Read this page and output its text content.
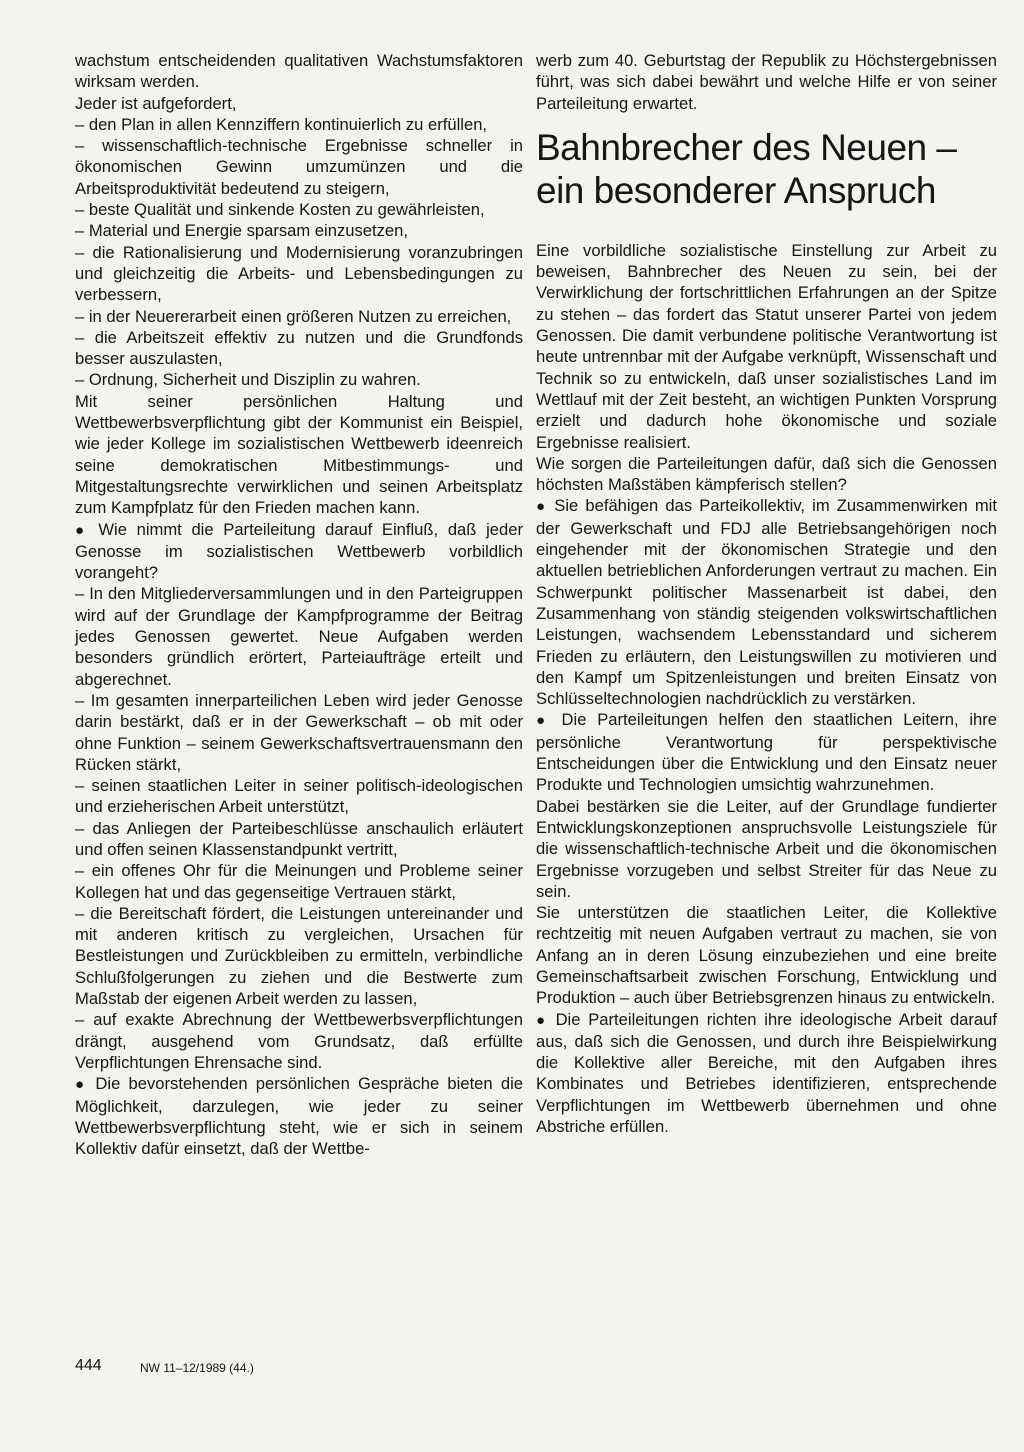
wachstum entscheidenden qualitativen Wachstumsfaktoren wirksam werden.

Jeder ist aufgefordert,

– den Plan in allen Kennziffern kontinuierlich zu erfüllen,

– wissenschaftlich-technische Ergebnisse schneller in ökonomischen Gewinn umzumünzen und die Arbeitsproduktivität bedeutend zu steigern,

– beste Qualität und sinkende Kosten zu gewährleisten,

– Material und Energie sparsam einzusetzen,

– die Rationalisierung und Modernisierung voranzubringen und gleichzeitig die Arbeits- und Lebensbedingungen zu verbessern,

– in der Neuererarbeit einen größeren Nutzen zu erreichen,

– die Arbeitszeit effektiv zu nutzen und die Grundfonds besser auszulasten,

– Ordnung, Sicherheit und Disziplin zu wahren.

Mit seiner persönlichen Haltung und Wettbewerbsverpflichtung gibt der Kommunist ein Beispiel, wie jeder Kollege im sozialistischen Wettbewerb ideenreich seine demokratischen Mitbestimmungs- und Mitgestaltungsrechte verwirklichen und seinen Arbeitsplatz zum Kampfplatz für den Frieden machen kann.

● Wie nimmt die Parteileitung darauf Einfluß, daß jeder Genosse im sozialistischen Wettbewerb vorbildlich vorangeht?

– In den Mitgliederversammlungen und in den Parteigruppen wird auf der Grundlage der Kampfprogramme der Beitrag jedes Genossen gewertet. Neue Aufgaben werden besonders gründlich erörtert, Parteiaufträge erteilt und abgerechnet.

– Im gesamten innerparteilichen Leben wird jeder Genosse darin bestärkt, daß er in der Gewerkschaft – ob mit oder ohne Funktion – seinem Gewerkschaftsvertrauensmann den Rücken stärkt,

– seinen staatlichen Leiter in seiner politisch-ideologischen und erzieherischen Arbeit unterstützt,

– das Anliegen der Parteibeschlüsse anschaulich erläutert und offen seinen Klassenstandpunkt vertritt,

– ein offenes Ohr für die Meinungen und Probleme seiner Kollegen hat und das gegenseitige Vertrauen stärkt,

– die Bereitschaft fördert, die Leistungen untereinander und mit anderen kritisch zu vergleichen, Ursachen für Bestleistungen und Zurückbleiben zu ermitteln, verbindliche Schlußfolgerungen zu ziehen und die Bestwerte zum Maßstab der eigenen Arbeit werden zu lassen,

– auf exakte Abrechnung der Wettbewerbsverpflichtungen drängt, ausgehend vom Grundsatz, daß erfüllte Verpflichtungen Ehrensache sind.

● Die bevorstehenden persönlichen Gespräche bieten die Möglichkeit, darzulegen, wie jeder zu seiner Wettbewerbsverpflichtung steht, wie er sich in seinem Kollektiv dafür einsetzt, daß der Wettbe-

werb zum 40. Geburtstag der Republik zu Höchstergebnissen führt, was sich dabei bewährt und welche Hilfe er von seiner Parteileitung erwartet.

Bahnbrecher des Neuen – ein besonderer Anspruch

Eine vorbildliche sozialistische Einstellung zur Arbeit zu beweisen, Bahnbrecher des Neuen zu sein, bei der Verwirklichung der fortschrittlichen Erfahrungen an der Spitze zu stehen – das fordert das Statut unserer Partei von jedem Genossen. Die damit verbundene politische Verantwortung ist heute untrennbar mit der Aufgabe verknüpft, Wissenschaft und Technik so zu entwickeln, daß unser sozialistisches Land im Wettlauf mit der Zeit besteht, an wichtigen Punkten Vorsprung erzielt und dadurch hohe ökonomische und soziale Ergebnisse realisiert.

Wie sorgen die Parteileitungen dafür, daß sich die Genossen höchsten Maßstäben kämpferisch stellen?

● Sie befähigen das Parteikollektiv, im Zusammenwirken mit der Gewerkschaft und FDJ alle Betriebsangehörigen noch eingehender mit der ökonomischen Strategie und den aktuellen betrieblichen Anforderungen vertraut zu machen. Ein Schwerpunkt politischer Massenarbeit ist dabei, den Zusammenhang von ständig steigenden volkswirtschaftlichen Leistungen, wachsendem Lebensstandard und sicherem Frieden zu erläutern, den Leistungswillen zu motivieren und den Kampf um Spitzenleistungen und breiten Einsatz von Schlüsseltechnologien nachdrücklich zu verstärken.

● Die Parteileitungen helfen den staatlichen Leitern, ihre persönliche Verantwortung für perspektivische Entscheidungen über die Entwicklung und den Einsatz neuer Produkte und Technologien umsichtig wahrzunehmen.

Dabei bestärken sie die Leiter, auf der Grundlage fundierter Entwicklungskonzeptionen anspruchsvolle Leistungsziele für die wissenschaftlich-technische Arbeit und die ökonomischen Ergebnisse vorzugeben und selbst Streiter für das Neue zu sein.

Sie unterstützen die staatlichen Leiter, die Kollektive rechtzeitig mit neuen Aufgaben vertraut zu machen, sie von Anfang an in deren Lösung einzubeziehen und eine breite Gemeinschaftsarbeit zwischen Forschung, Entwicklung und Produktion – auch über Betriebsgrenzen hinaus zu entwickeln.

● Die Parteileitungen richten ihre ideologische Arbeit darauf aus, daß sich die Genossen, und durch ihre Beispielwirkung die Kollektive aller Bereiche, mit den Aufgaben ihres Kombinates und Betriebes identifizieren, entsprechende Verpflichtungen im Wettbewerb übernehmen und ohne Abstriche erfüllen.

444	NW 11–12/1989 (44.)
